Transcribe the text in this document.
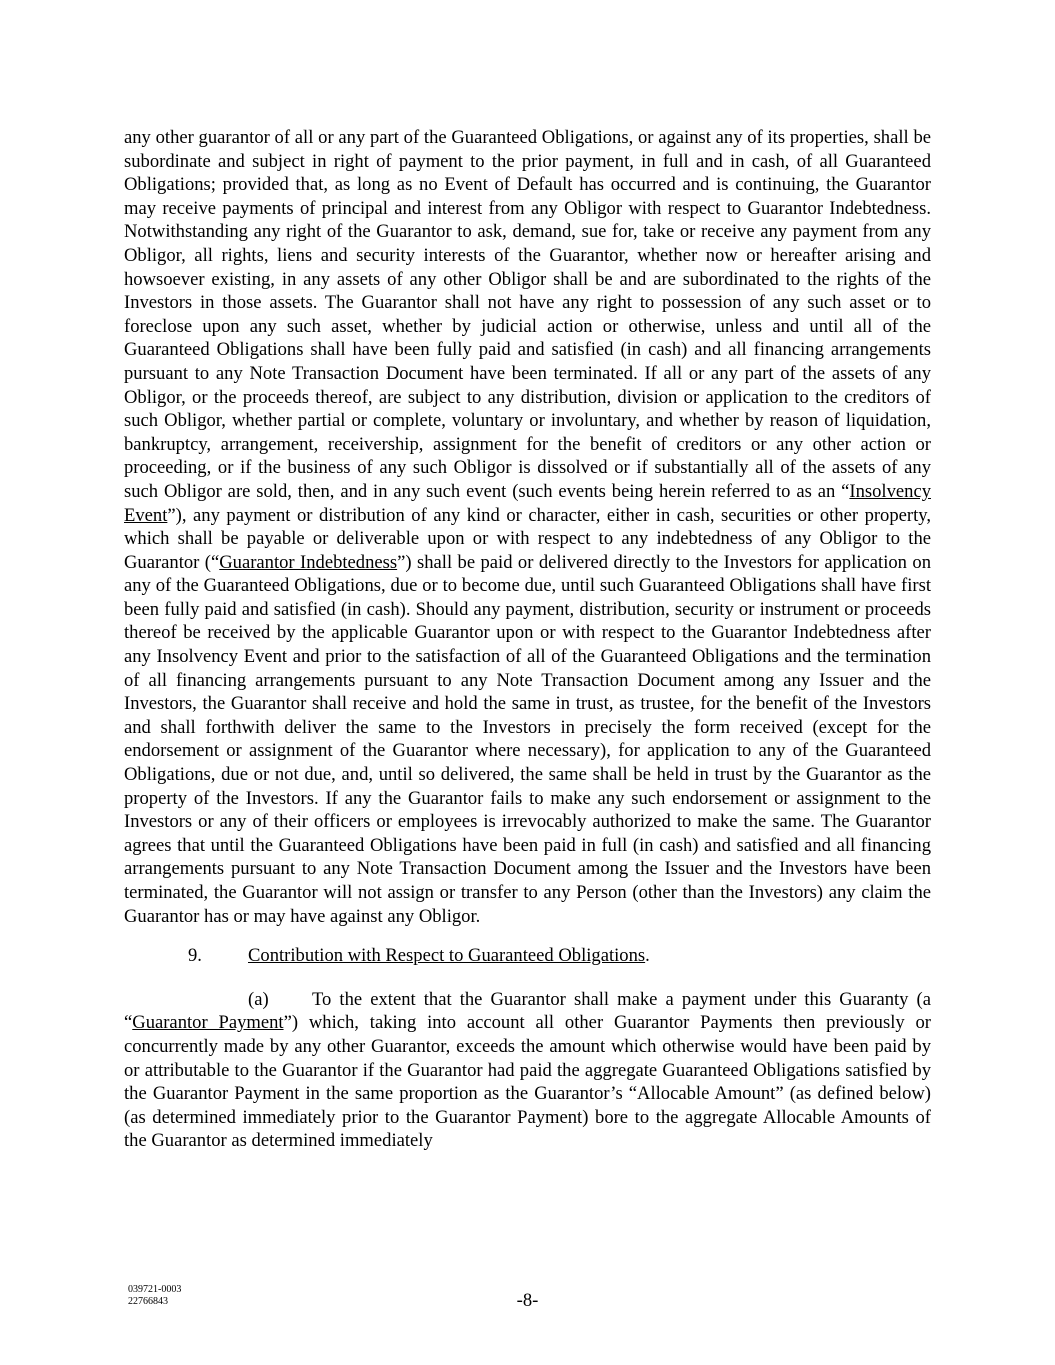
any other guarantor of all or any part of the Guaranteed Obligations, or against any of its properties, shall be subordinate and subject in right of payment to the prior payment, in full and in cash, of all Guaranteed Obligations; provided that, as long as no Event of Default has occurred and is continuing, the Guarantor may receive payments of principal and interest from any Obligor with respect to Guarantor Indebtedness. Notwithstanding any right of the Guarantor to ask, demand, sue for, take or receive any payment from any Obligor, all rights, liens and security interests of the Guarantor, whether now or hereafter arising and howsoever existing, in any assets of any other Obligor shall be and are subordinated to the rights of the Investors in those assets. The Guarantor shall not have any right to possession of any such asset or to foreclose upon any such asset, whether by judicial action or otherwise, unless and until all of the Guaranteed Obligations shall have been fully paid and satisfied (in cash) and all financing arrangements pursuant to any Note Transaction Document have been terminated. If all or any part of the assets of any Obligor, or the proceeds thereof, are subject to any distribution, division or application to the creditors of such Obligor, whether partial or complete, voluntary or involuntary, and whether by reason of liquidation, bankruptcy, arrangement, receivership, assignment for the benefit of creditors or any other action or proceeding, or if the business of any such Obligor is dissolved or if substantially all of the assets of any such Obligor are sold, then, and in any such event (such events being herein referred to as an “Insolvency Event”), any payment or distribution of any kind or character, either in cash, securities or other property, which shall be payable or deliverable upon or with respect to any indebtedness of any Obligor to the Guarantor (“Guarantor Indebtedness”) shall be paid or delivered directly to the Investors for application on any of the Guaranteed Obligations, due or to become due, until such Guaranteed Obligations shall have first been fully paid and satisfied (in cash). Should any payment, distribution, security or instrument or proceeds thereof be received by the applicable Guarantor upon or with respect to the Guarantor Indebtedness after any Insolvency Event and prior to the satisfaction of all of the Guaranteed Obligations and the termination of all financing arrangements pursuant to any Note Transaction Document among any Issuer and the Investors, the Guarantor shall receive and hold the same in trust, as trustee, for the benefit of the Investors and shall forthwith deliver the same to the Investors in precisely the form received (except for the endorsement or assignment of the Guarantor where necessary), for application to any of the Guaranteed Obligations, due or not due, and, until so delivered, the same shall be held in trust by the Guarantor as the property of the Investors. If any the Guarantor fails to make any such endorsement or assignment to the Investors or any of their officers or employees is irrevocably authorized to make the same. The Guarantor agrees that until the Guaranteed Obligations have been paid in full (in cash) and satisfied and all financing arrangements pursuant to any Note Transaction Document among the Issuer and the Investors have been terminated, the Guarantor will not assign or transfer to any Person (other than the Investors) any claim the Guarantor has or may have against any Obligor.

9. Contribution with Respect to Guaranteed Obligations.

(a) To the extent that the Guarantor shall make a payment under this Guaranty (a “Guarantor Payment”) which, taking into account all other Guarantor Payments then previously or concurrently made by any other Guarantor, exceeds the amount which otherwise would have been paid by or attributable to the Guarantor if the Guarantor had paid the aggregate Guaranteed Obligations satisfied by the Guarantor Payment in the same proportion as the Guarantor’s “Allocable Amount” (as defined below) (as determined immediately prior to the Guarantor Payment) bore to the aggregate Allocable Amounts of the Guarantor as determined immediately

039721-0003
22766843	-8-
